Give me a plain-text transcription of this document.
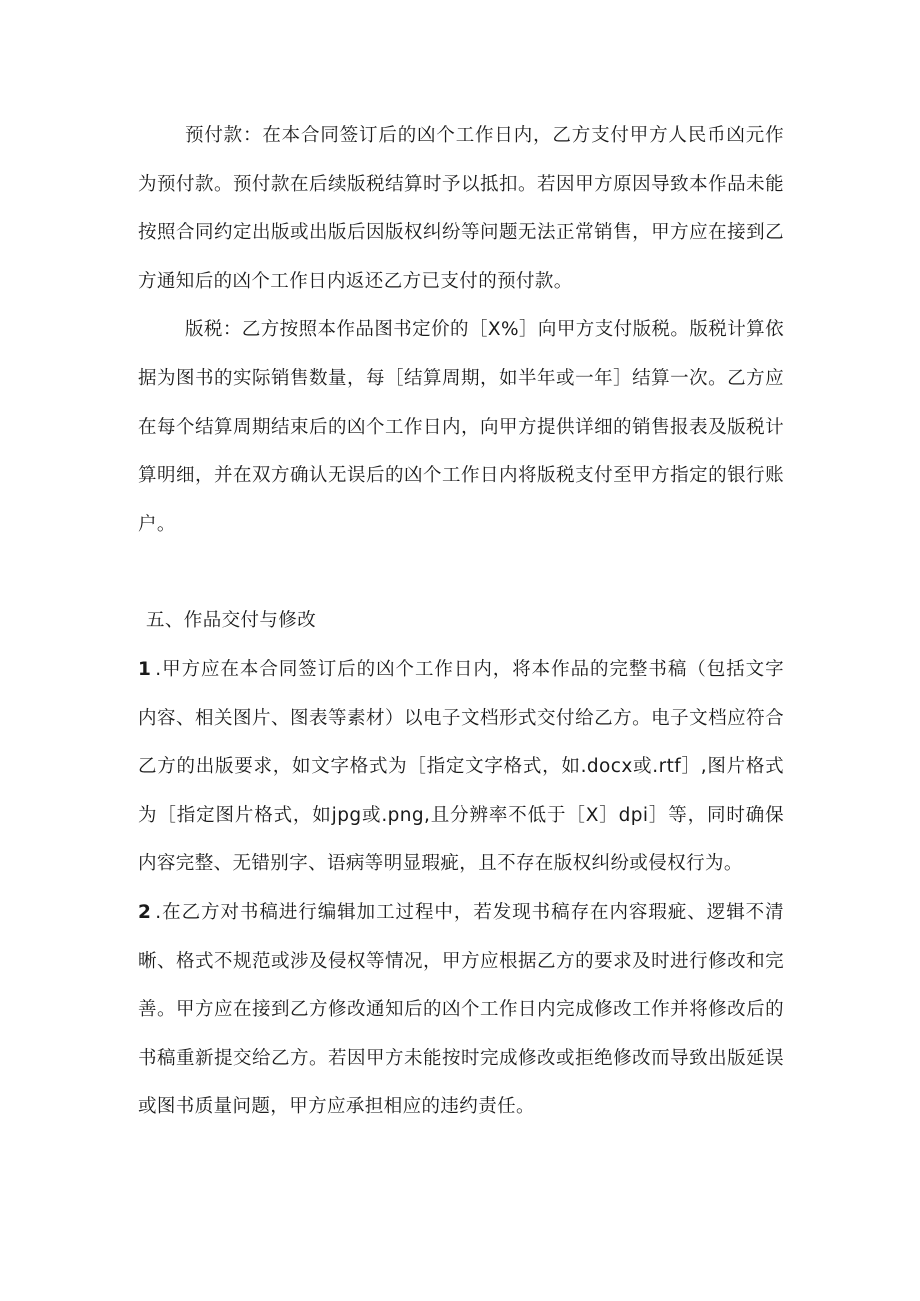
预付款：在本合同签订后的凶个工作日内，乙方支付甲方人民币凶元作为预付款。预付款在后续版税结算时予以抵扣。若因甲方原因导致本作品未能按照合同约定出版或出版后因版权纠纷等问题无法正常销售，甲方应在接到乙方通知后的凶个工作日内返还乙方已支付的预付款。

版税：乙方按照本作品图书定价的［X%］向甲方支付版税。版税计算依据为图书的实际销售数量，每［结算周期，如半年或一年］结算一次。乙方应在每个结算周期结束后的凶个工作日内，向甲方提供详细的销售报表及版税计算明细，并在双方确认无误后的凶个工作日内将版税支付至甲方指定的银行账户。

五、作品交付与修改

1 .甲方应在本合同签订后的凶个工作日内，将本作品的完整书稿（包括文字内容、相关图片、图表等素材）以电子文档形式交付给乙方。电子文档应符合乙方的出版要求，如文字格式为［指定文字格式，如.docx或.rtf］,图片格式为［指定图片格式，如jpg或.png,且分辨率不低于［X］dpi］等，同时确保内容完整、无错别字、语病等明显瑕疵，且不存在版权纠纷或侵权行为。

2 .在乙方对书稿进行编辑加工过程中，若发现书稿存在内容瑕疵、逻辑不清晰、格式不规范或涉及侵权等情况，甲方应根据乙方的要求及时进行修改和完善。甲方应在接到乙方修改通知后的凶个工作日内完成修改工作并将修改后的书稿重新提交给乙方。若因甲方未能按时完成修改或拒绝修改而导致出版延误或图书质量问题，甲方应承担相应的违约责任。
